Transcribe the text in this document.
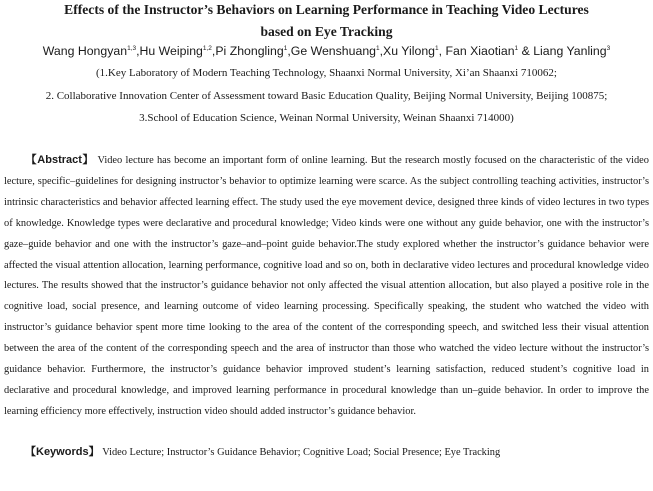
Effects of the Instructor’s Behaviors on Learning Performance in Teaching Video Lectures
based on Eye Tracking
Wang Hongyan$^{1,3}$,Hu Weiping$^{1,2}$,Pi Zhongling$^1$,Ge Wenshuang$^1$,Xu Yilong$^1$, Fan Xiaotian$^1$ & Liang Yanling$^3$
(1.Key Laboratory of Modern Teaching Technology, Shaanxi Normal University, Xi’an Shaanxi 710062;
2. Collaborative Innovation Center of Assessment toward Basic Education Quality, Beijing Normal University, Beijing 100875;
3.School of Education Science, Weinan Normal University, Weinan Shaanxi 714000)

【Abstract】 Video lecture has become an important form of online learning. But the research mostly focused on the characteristic of the video lecture, specific–guidelines for designing instructor’s behavior to optimize learning were scarce. As the subject controlling teaching activities, instructor’s intrinsic characteristics and behavior affected learning effect. The study used the eye movement device, designed three kinds of video lectures in two types of knowledge. Knowledge types were declarative and procedural knowledge; Video kinds were one without any guide behavior, one with the instructor’s gaze–guide behavior and one with the instructor’s gaze–and–point guide behavior.The study explored whether the instructor’s guidance behavior were affected the visual attention allocation, learning performance, cognitive load and so on, both in declarative video lectures and procedural knowledge video lectures. The results showed that the instructor’s guidance behavior not only affected the visual attention allocation, but also played a positive role in the cognitive load, social presence, and learning outcome of video learning processing. Specifically speaking, the student who watched the video with instructor’s guidance behavior spent more time looking to the area of the content of the corresponding speech, and switched less their visual attention between the area of the content of the corresponding speech and the area of instructor than those who watched the video lecture without the instructor’s guidance behavior. Furthermore, the instructor’s guidance behavior improved student’s learning satisfaction, reduced student’s cognitive load in declarative and procedural knowledge, and improved learning performance in procedural knowledge than un–guide behavior. In order to improve the learning efficiency more effectively, instruction video should added instructor’s guidance behavior.

【Keywords】 Video Lecture; Instructor’s Guidance Behavior; Cognitive Load; Social Presence; Eye Tracking
